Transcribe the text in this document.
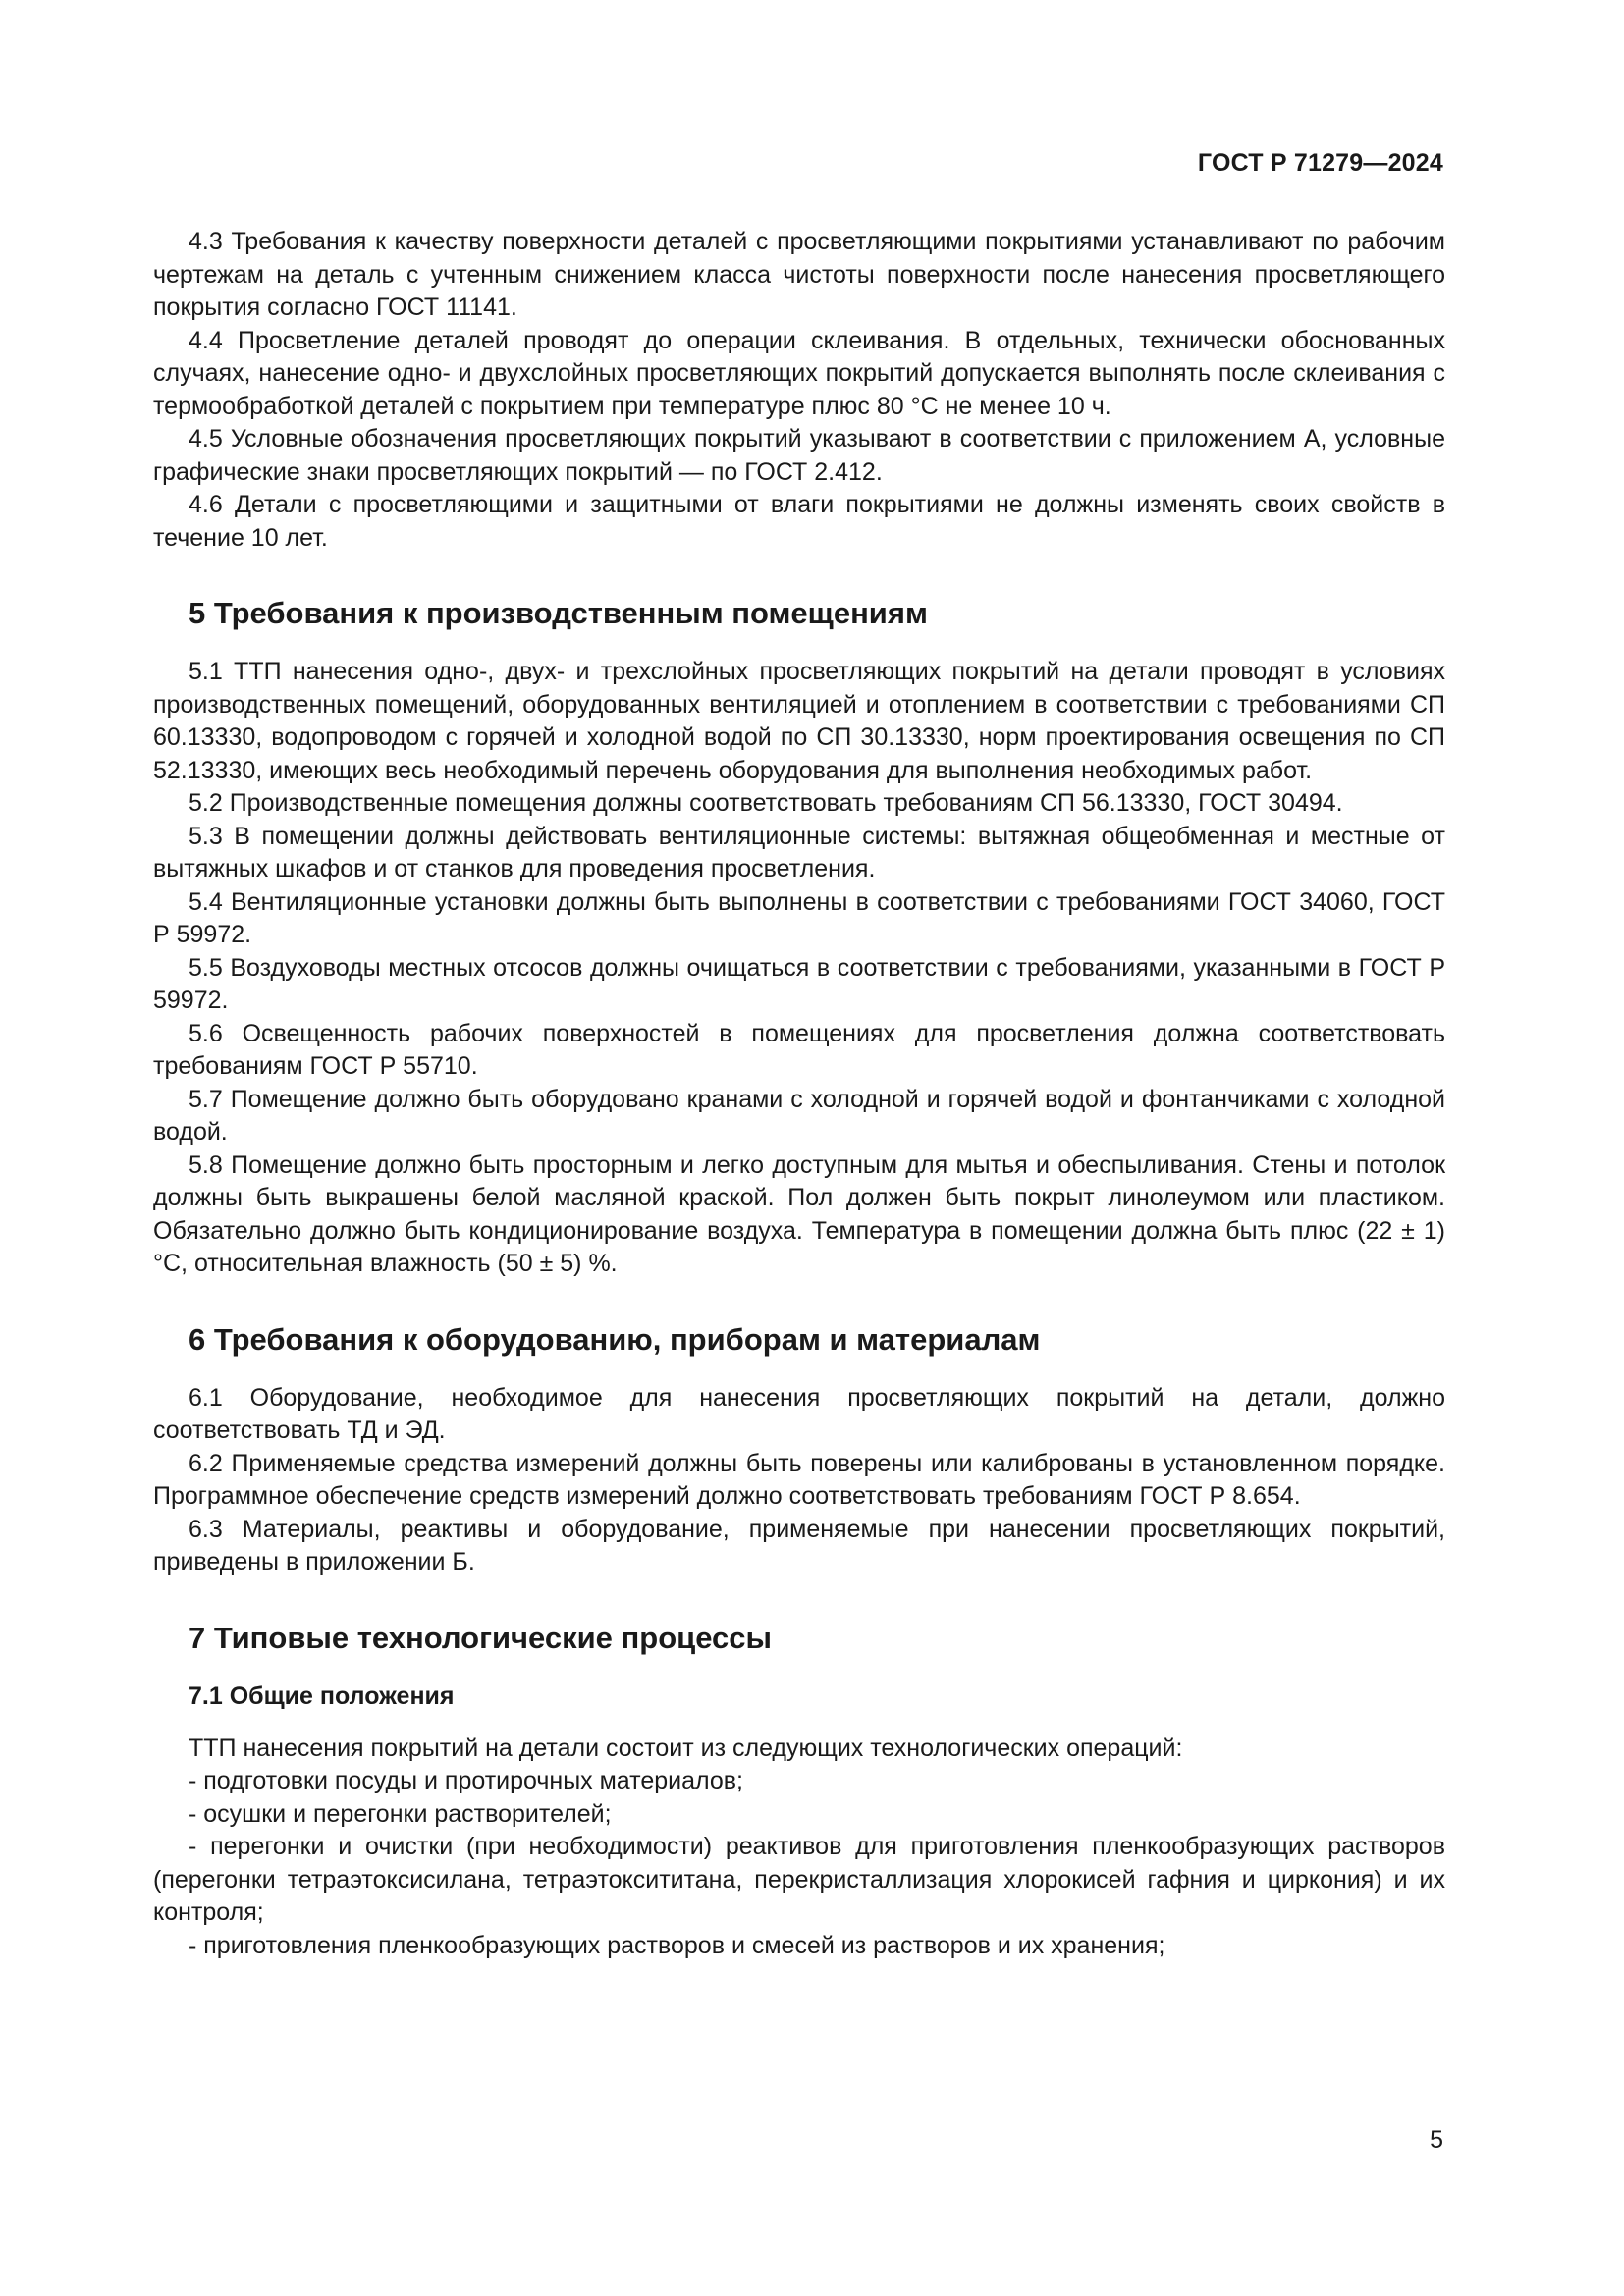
ГОСТ Р 71279—2024

4.3 Требования к качеству поверхности деталей с просветляющими покрытиями устанавливают по рабочим чертежам на деталь с учтенным снижением класса чистоты поверхности после нанесения просветляющего покрытия согласно ГОСТ 11141.

4.4 Просветление деталей проводят до операции склеивания. В отдельных, технически обоснованных случаях, нанесение одно- и двухслойных просветляющих покрытий допускается выполнять после склеивания с термообработкой деталей с покрытием при температуре плюс 80 °С не менее 10 ч.

4.5 Условные обозначения просветляющих покрытий указывают в соответствии с приложением А, условные графические знаки просветляющих покрытий — по ГОСТ 2.412.

4.6 Детали с просветляющими и защитными от влаги покрытиями не должны изменять своих свойств в течение 10 лет.

5 Требования к производственным помещениям

5.1 ТТП нанесения одно-, двух- и трехслойных просветляющих покрытий на детали проводят в условиях производственных помещений, оборудованных вентиляцией и отоплением в соответствии с требованиями СП 60.13330, водопроводом с горячей и холодной водой по СП 30.13330, норм проектирования освещения по СП 52.13330, имеющих весь необходимый перечень оборудования для выполнения необходимых работ.

5.2 Производственные помещения должны соответствовать требованиям СП 56.13330, ГОСТ 30494.

5.3 В помещении должны действовать вентиляционные системы: вытяжная общеобменная и местные от вытяжных шкафов и от станков для проведения просветления.

5.4 Вентиляционные установки должны быть выполнены в соответствии с требованиями ГОСТ 34060, ГОСТ Р 59972.

5.5 Воздуховоды местных отсосов должны очищаться в соответствии с требованиями, указанными в ГОСТ Р 59972.

5.6 Освещенность рабочих поверхностей в помещениях для просветления должна соответствовать требованиям ГОСТ Р 55710.

5.7 Помещение должно быть оборудовано кранами с холодной и горячей водой и фонтанчиками с холодной водой.

5.8 Помещение должно быть просторным и легко доступным для мытья и обеспыливания. Стены и потолок должны быть выкрашены белой масляной краской. Пол должен быть покрыт линолеумом или пластиком. Обязательно должно быть кондиционирование воздуха. Температура в помещении должна быть плюс (22 ± 1) °С, относительная влажность (50 ± 5) %.

6 Требования к оборудованию, приборам и материалам

6.1 Оборудование, необходимое для нанесения просветляющих покрытий на детали, должно соответствовать ТД и ЭД.

6.2 Применяемые средства измерений должны быть поверены или калиброваны в установленном порядке. Программное обеспечение средств измерений должно соответствовать требованиям ГОСТ Р 8.654.

6.3 Материалы, реактивы и оборудование, применяемые при нанесении просветляющих покрытий, приведены в приложении Б.

7 Типовые технологические процессы
7.1 Общие положения

ТТП нанесения покрытий на детали состоит из следующих технологических операций:

- подготовки посуды и протирочных материалов;

- осушки и перегонки растворителей;

- перегонки и очистки (при необходимости) реактивов для приготовления пленкообразующих растворов (перегонки тетраэтоксисилана, тетраэтоксититана, перекристаллизация хлорокисей гафния и циркония) и их контроля;

- приготовления пленкообразующих растворов и смесей из растворов и их хранения;

5
